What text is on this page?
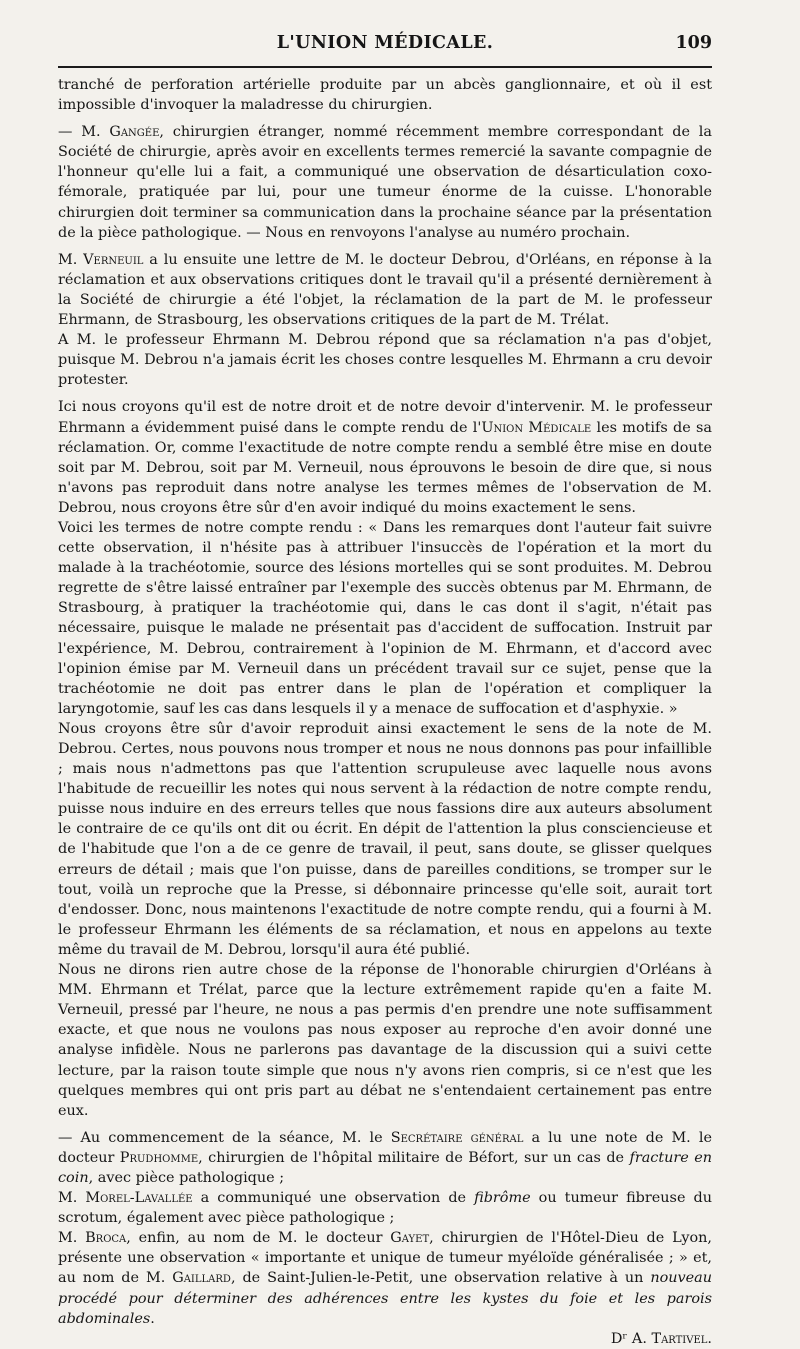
L'UNION MÉDICALE.	109

tranché de perforation artérielle produite par un abcès ganglionnaire, et où il est impossible d'invoquer la maladresse du chirurgien.

— M. Gangée, chirurgien étranger, nommé récemment membre correspondant de la Société de chirurgie, après avoir en excellents termes remercié la savante compagnie de l'honneur qu'elle lui a fait, a communiqué une observation de désarticulation coxo-fémorale, pratiquée par lui, pour une tumeur énorme de la cuisse. L'honorable chirurgien doit terminer sa communication dans la prochaine séance par la présentation de la pièce pathologique. — Nous en renvoyons l'analyse au numéro prochain.

M. Verneuil a lu ensuite une lettre de M. le docteur Debrou, d'Orléans, en réponse à la réclamation et aux observations critiques dont le travail qu'il a présenté dernièrement à la Société de chirurgie a été l'objet, la réclamation de la part de M. le professeur Ehrmann, de Strasbourg, les observations critiques de la part de M. Trélat.

A M. le professeur Ehrmann M. Debrou répond que sa réclamation n'a pas d'objet, puisque M. Debrou n'a jamais écrit les choses contre lesquelles M. Ehrmann a cru devoir protester.

Ici nous croyons qu'il est de notre droit et de notre devoir d'intervenir. M. le professeur Ehrmann a évidemment puisé dans le compte rendu de l'Union Médicale les motifs de sa réclamation. Or, comme l'exactitude de notre compte rendu a semblé être mise en doute soit par M. Debrou, soit par M. Verneuil, nous éprouvons le besoin de dire que, si nous n'avons pas reproduit dans notre analyse les termes mêmes de l'observation de M. Debrou, nous croyons être sûr d'en avoir indiqué du moins exactement le sens.

Voici les termes de notre compte rendu : « Dans les remarques dont l'auteur fait suivre cette observation, il n'hésite pas à attribuer l'insuccès de l'opération et la mort du malade à la trachéotomie, source des lésions mortelles qui se sont produites. M. Debrou regrette de s'être laissé entraîner par l'exemple des succès obtenus par M. Ehrmann, de Strasbourg, à pratiquer la trachéotomie qui, dans le cas dont il s'agit, n'était pas nécessaire, puisque le malade ne présentait pas d'accident de suffocation. Instruit par l'expérience, M. Debrou, contrairement à l'opinion de M. Ehrmann, et d'accord avec l'opinion émise par M. Verneuil dans un précédent travail sur ce sujet, pense que la trachéotomie ne doit pas entrer dans le plan de l'opération et compliquer la laryngotomie, sauf les cas dans lesquels il y a menace de suffocation et d'asphyxie. »

Nous croyons être sûr d'avoir reproduit ainsi exactement le sens de la note de M. Debrou. Certes, nous pouvons nous tromper et nous ne nous donnons pas pour infaillible ; mais nous n'admettons pas que l'attention scrupuleuse avec laquelle nous avons l'habitude de recueillir les notes qui nous servent à la rédaction de notre compte rendu, puisse nous induire en des erreurs telles que nous fassions dire aux auteurs absolument le contraire de ce qu'ils ont dit ou écrit. En dépit de l'attention la plus consciencieuse et de l'habitude que l'on a de ce genre de travail, il peut, sans doute, se glisser quelques erreurs de détail ; mais que l'on puisse, dans de pareilles conditions, se tromper sur le tout, voilà un reproche que la Presse, si débonnaire princesse qu'elle soit, aurait tort d'endosser. Donc, nous maintenons l'exactitude de notre compte rendu, qui a fourni à M. le professeur Ehrmann les éléments de sa réclamation, et nous en appelons au texte même du travail de M. Debrou, lorsqu'il aura été publié.

Nous ne dirons rien autre chose de la réponse de l'honorable chirurgien d'Orléans à MM. Ehrmann et Trélat, parce que la lecture extrêmement rapide qu'en a faite M. Verneuil, pressé par l'heure, ne nous a pas permis d'en prendre une note suffisamment exacte, et que nous ne voulons pas nous exposer au reproche d'en avoir donné une analyse infidèle. Nous ne parlerons pas davantage de la discussion qui a suivi cette lecture, par la raison toute simple que nous n'y avons rien compris, si ce n'est que les quelques membres qui ont pris part au débat ne s'entendaient certainement pas entre eux.

— Au commencement de la séance, M. le Secrétaire général a lu une note de M. le docteur Prudhomme, chirurgien de l'hôpital militaire de Béfort, sur un cas de fracture en coin, avec pièce pathologique ;

M. Morel-Lavallée a communiqué une observation de fibrôme ou tumeur fibreuse du scrotum, également avec pièce pathologique ;

M. Broca, enfin, au nom de M. le docteur Gayet, chirurgien de l'Hôtel-Dieu de Lyon, présente une observation « importante et unique de tumeur myéloïde généralisée ; » et, au nom de M. Gaillard, de Saint-Julien-le-Petit, une observation relative à un nouveau procédé pour déterminer des adhérences entre les kystes du foie et les parois abdominales.

Dʳ A. Tartivel.
